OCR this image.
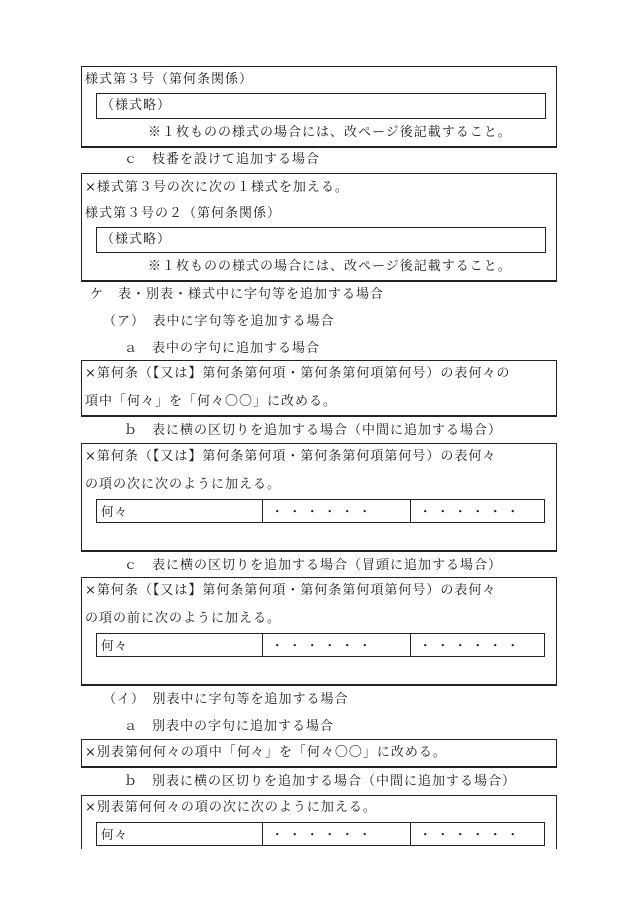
様式第３号（第何条関係）
（様式略）
※１枚ものの様式の場合には、改ページ後記載すること。
ｃ　枝番を設けて追加する場合
×様式第３号の次に次の１様式を加える。
様式第３号の２（第何条関係）
（様式略）
※１枚ものの様式の場合には、改ページ後記載すること。
ケ　表・別表・様式中に字句等を追加する場合
（ア）　表中に字句等を追加する場合
ａ　表中の字句に追加する場合
×第何条（【又は】第何条第何項・第何条第何項第何号）の表何々の
項中「何々」を「何々〇〇」に改める。
ｂ　表に横の区切りを追加する場合（中間に追加する場合）
×第何条（【又は】第何条第何項・第何条第何項第何号）の表何々
の項の次に次のように加える。
何々	・・・・・・	・・・・・・
ｃ　表に横の区切りを追加する場合（冒頭に追加する場合）
×第何条（【又は】第何条第何項・第何条第何項第何号）の表何々
の項の前に次のように加える。
何々	・・・・・・	・・・・・・
（イ）　別表中に字句等を追加する場合
ａ　別表中の字句に追加する場合
×別表第何何々の項中「何々」を「何々〇〇」に改める。
ｂ　別表に横の区切りを追加する場合（中間に追加する場合）
×別表第何何々の項の次に次のように加える。
何々	・・・・・・	・・・・・・
